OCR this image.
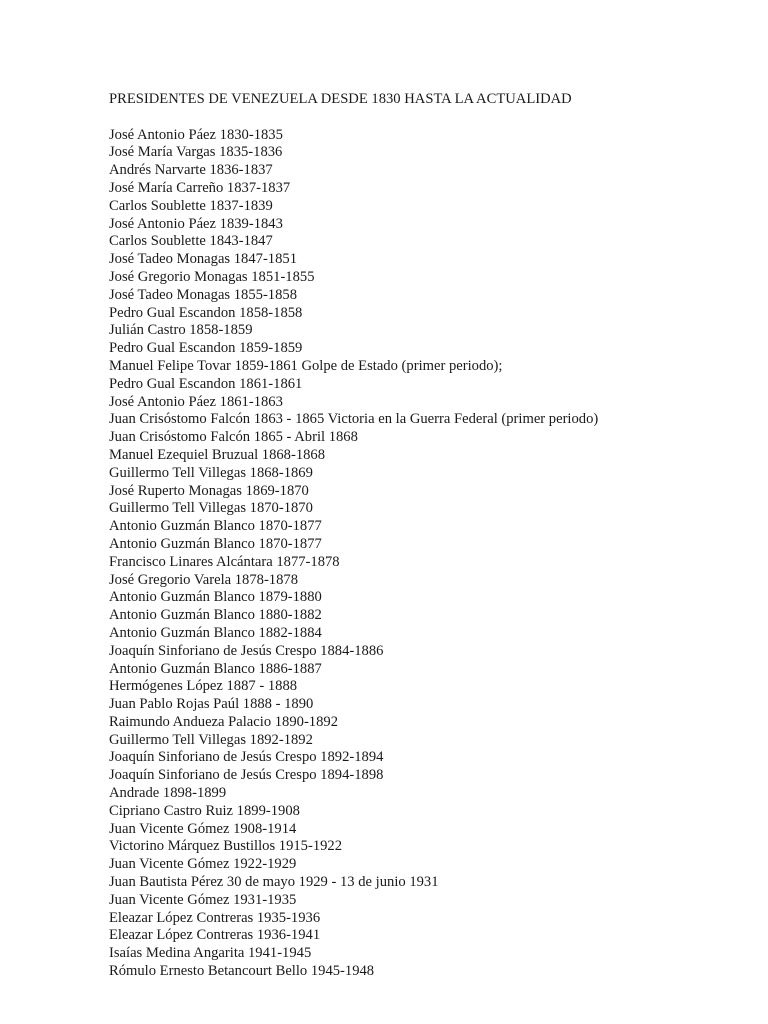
PRESIDENTES DE VENEZUELA DESDE 1830 HASTA LA ACTUALIDAD
José Antonio Páez 1830-1835
José María Vargas 1835-1836
Andrés Narvarte 1836-1837
José María Carreño 1837-1837
Carlos Soublette 1837-1839
José Antonio Páez 1839-1843
Carlos Soublette 1843-1847
José Tadeo Monagas 1847-1851
José Gregorio Monagas 1851-1855
José Tadeo Monagas 1855-1858
Pedro Gual Escandon 1858-1858
Julián Castro 1858-1859
Pedro Gual Escandon 1859-1859
Manuel Felipe Tovar 1859-1861 Golpe de Estado (primer periodo);
Pedro Gual Escandon 1861-1861
José Antonio Páez 1861-1863
Juan Crisóstomo Falcón 1863 - 1865 Victoria en la Guerra Federal (primer periodo)
Juan Crisóstomo Falcón 1865 - Abril 1868
Manuel Ezequiel Bruzual 1868-1868
Guillermo Tell Villegas 1868-1869
José Ruperto Monagas 1869-1870
Guillermo Tell Villegas 1870-1870
Antonio Guzmán Blanco 1870-1877
Antonio Guzmán Blanco 1870-1877
Francisco Linares Alcántara 1877-1878
José Gregorio Varela 1878-1878
Antonio Guzmán Blanco 1879-1880
Antonio Guzmán Blanco 1880-1882
Antonio Guzmán Blanco 1882-1884
Joaquín Sinforiano de Jesús Crespo 1884-1886
Antonio Guzmán Blanco 1886-1887
Hermógenes López 1887 - 1888
Juan Pablo Rojas Paúl 1888 - 1890
Raimundo Andueza Palacio 1890-1892
Guillermo Tell Villegas 1892-1892
Joaquín Sinforiano de Jesús Crespo 1892-1894
Joaquín Sinforiano de Jesús Crespo 1894-1898
Andrade 1898-1899
Cipriano Castro Ruiz 1899-1908
Juan Vicente Gómez 1908-1914
Victorino Márquez Bustillos 1915-1922
Juan Vicente Gómez 1922-1929
Juan Bautista Pérez 30 de mayo 1929 - 13 de junio 1931
Juan Vicente Gómez 1931-1935
Eleazar López Contreras 1935-1936
Eleazar López Contreras 1936-1941
Isaías Medina Angarita 1941-1945
Rómulo Ernesto Betancourt Bello 1945-1948
